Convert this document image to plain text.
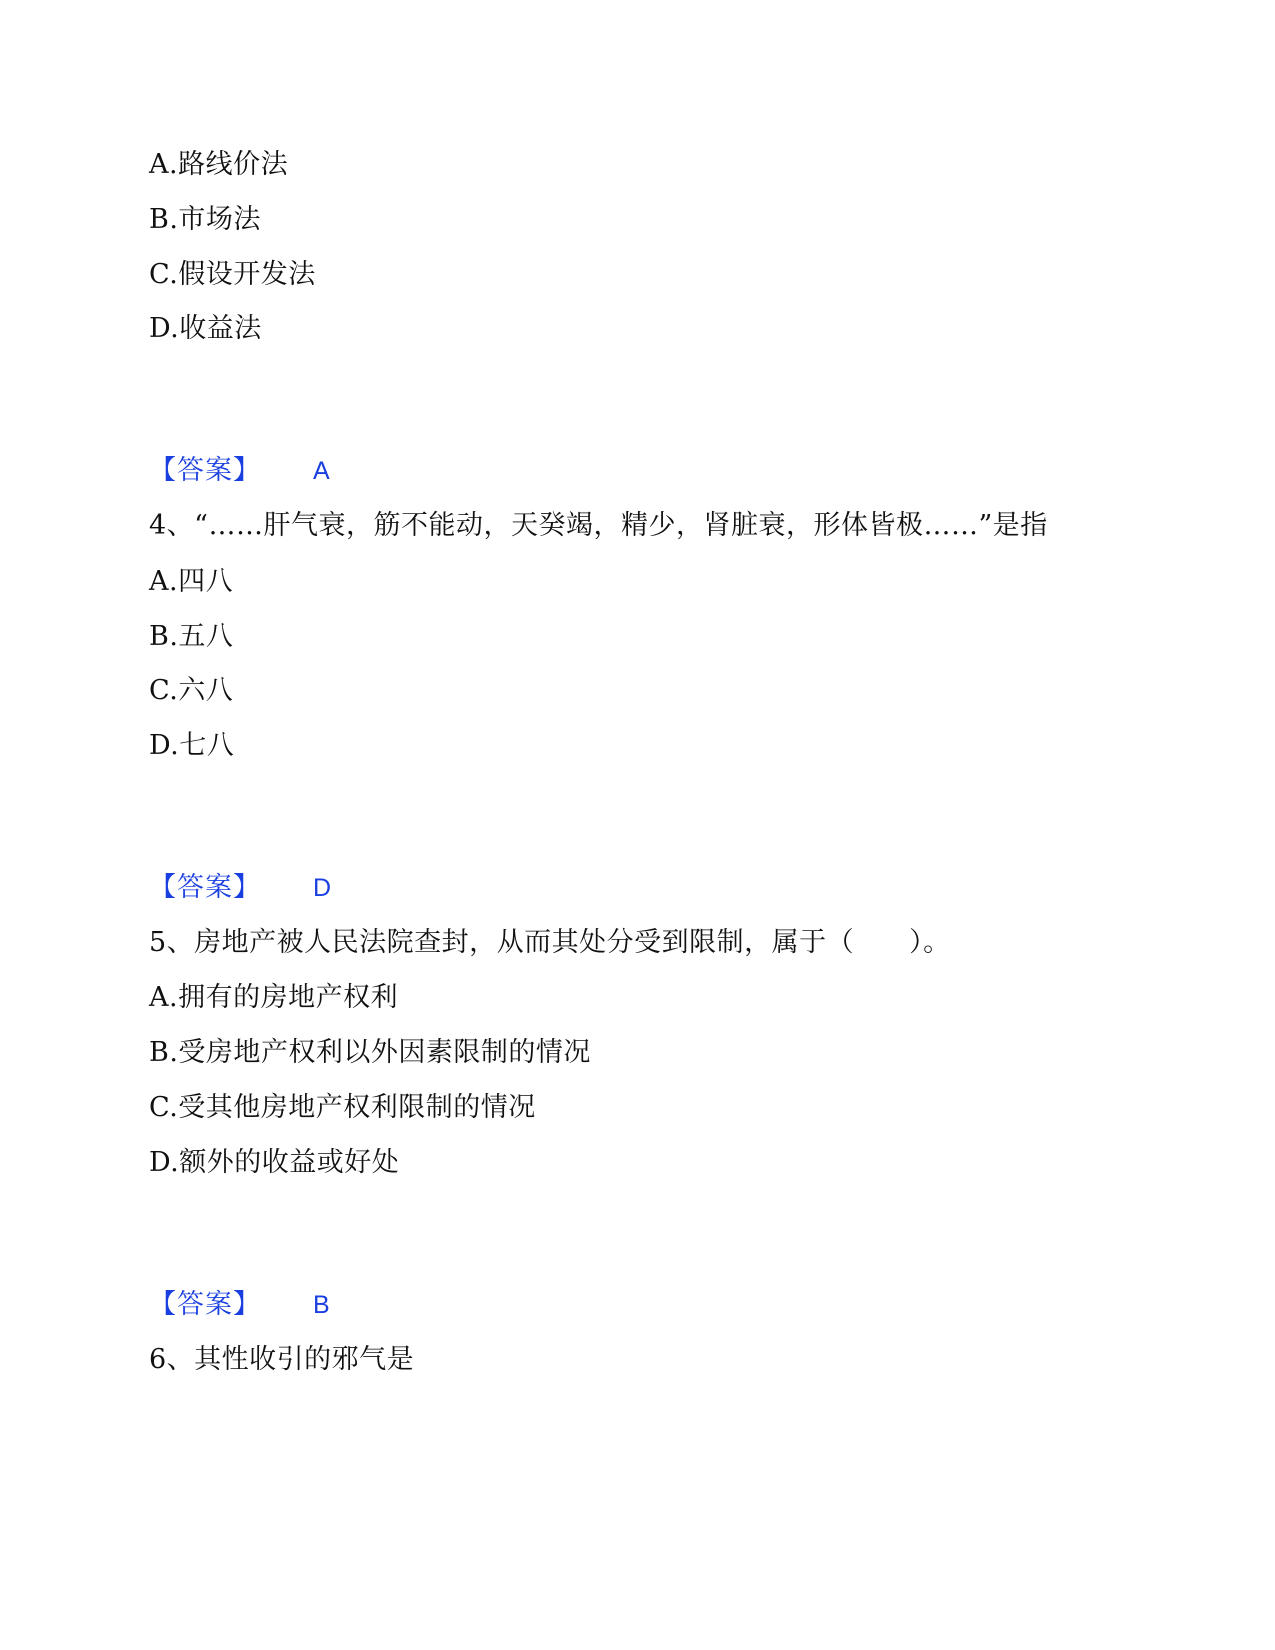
A.路线价法
B.市场法
C.假设开发法
D.收益法
【答案】 A
4、“……肝气衰，筋不能动，天癸竭，精少，肾脏衰，形体皆极……”是指
A.四八
B.五八
C.六八
D.七八
【答案】 D
5、房地产被人民法院查封，从而其处分受到限制，属于（　　）。
A.拥有的房地产权利
B.受房地产权利以外因素限制的情况
C.受其他房地产权利限制的情况
D.额外的收益或好处
【答案】 B
6、其性收引的邪气是
